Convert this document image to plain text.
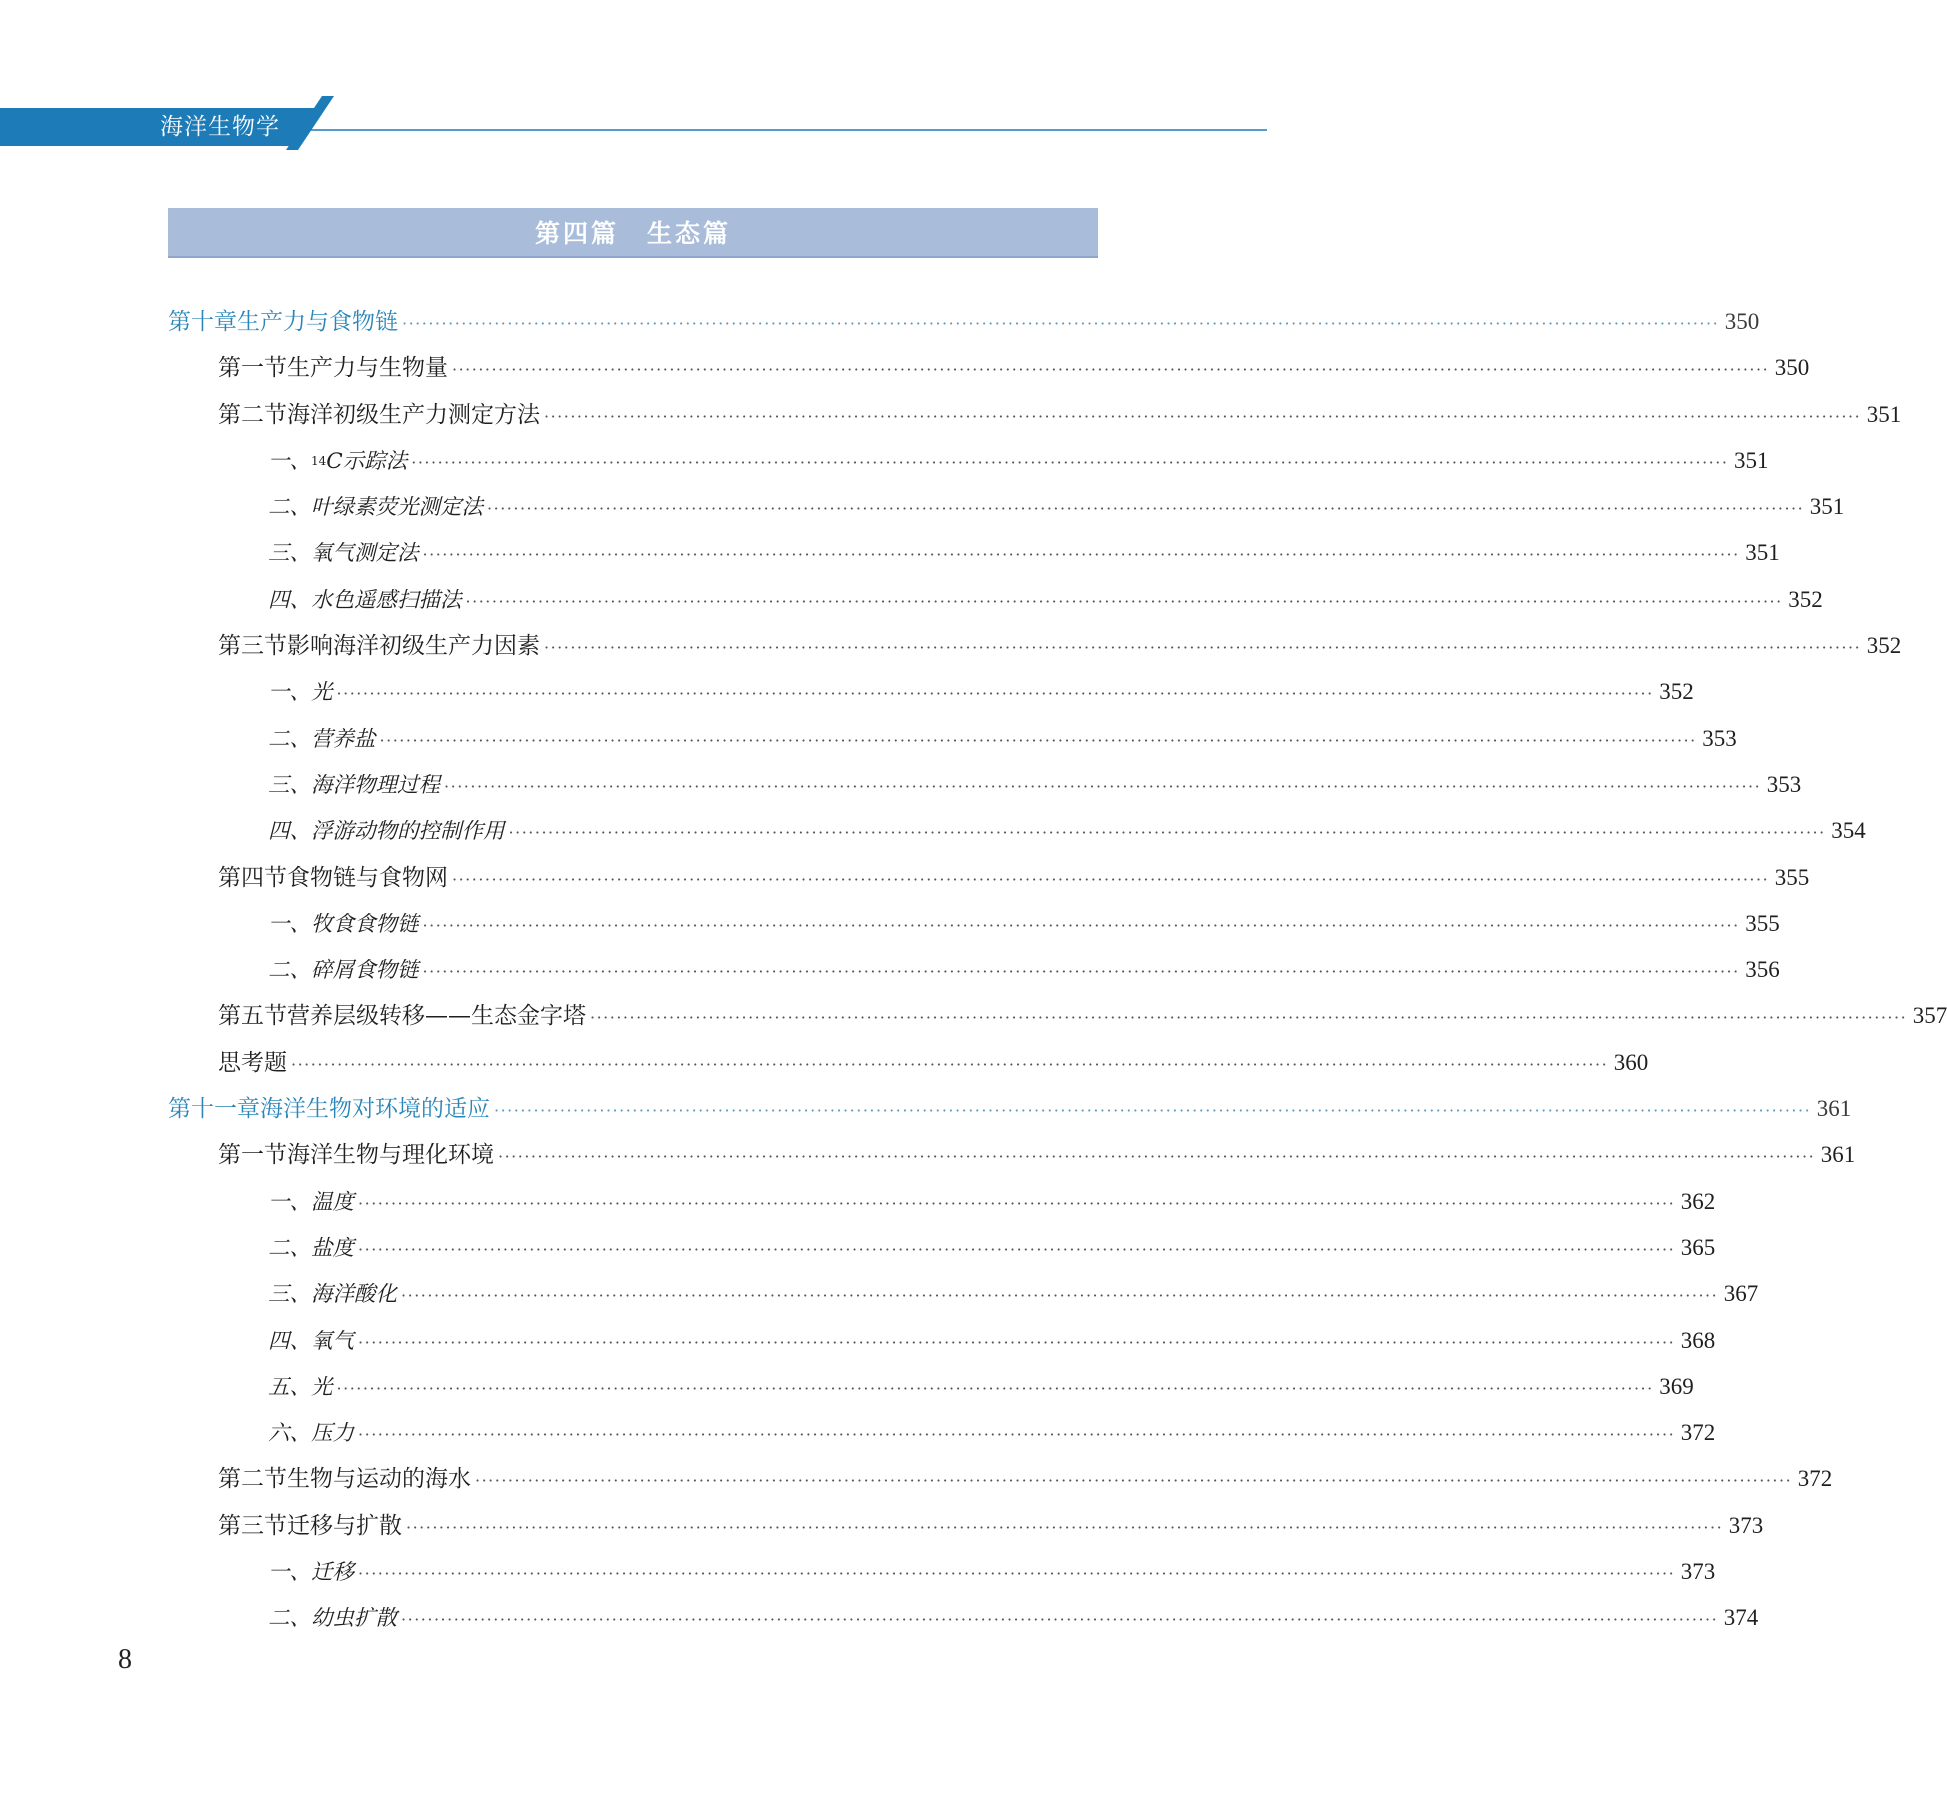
海洋生物学
第四篇　生态篇
第十章 生产力与食物链 ········································································································································································································ 350
第一节 生产力与生物量 ········································································································································································································ 350
第二节 海洋初级生产力测定方法 ········································································································································································································ 351
一、$^{14}$ C示踪法 ········································································································································································································ 351
二、 叶绿素荧光测定法 ········································································································································································································ 351
三、 氧气测定法 ········································································································································································································ 351
四、 水色遥感扫描法 ········································································································································································································ 352
第三节 影响海洋初级生产力因素 ········································································································································································································ 352
一、 光 ········································································································································································································ 352
二、 营养盐 ········································································································································································································ 353
三、 海洋物理过程 ········································································································································································································ 353
四、 浮游动物的控制作用 ········································································································································································································ 354
第四节 食物链与食物网 ········································································································································································································ 355
一、 牧食食物链 ········································································································································································································ 355
二、 碎屑食物链 ········································································································································································································ 356
第五节 营养层级转移——生态金字塔 ········································································································································································································ 357
思考题 ········································································································································································································ 360
第十一章 海洋生物对环境的适应 ········································································································································································································ 361
第一节 海洋生物与理化环境 ········································································································································································································ 361
一、 温度 ········································································································································································································ 362
二、 盐度 ········································································································································································································ 365
三、 海洋酸化 ········································································································································································································ 367
四、 氧气 ········································································································································································································ 368
五、 光 ········································································································································································································ 369
六、 压力 ········································································································································································································ 372
第二节 生物与运动的海水 ········································································································································································································ 372
第三节 迁移与扩散 ········································································································································································································ 373
一、 迁移 ········································································································································································································ 373
二、 幼虫扩散 ········································································································································································································ 374
8
